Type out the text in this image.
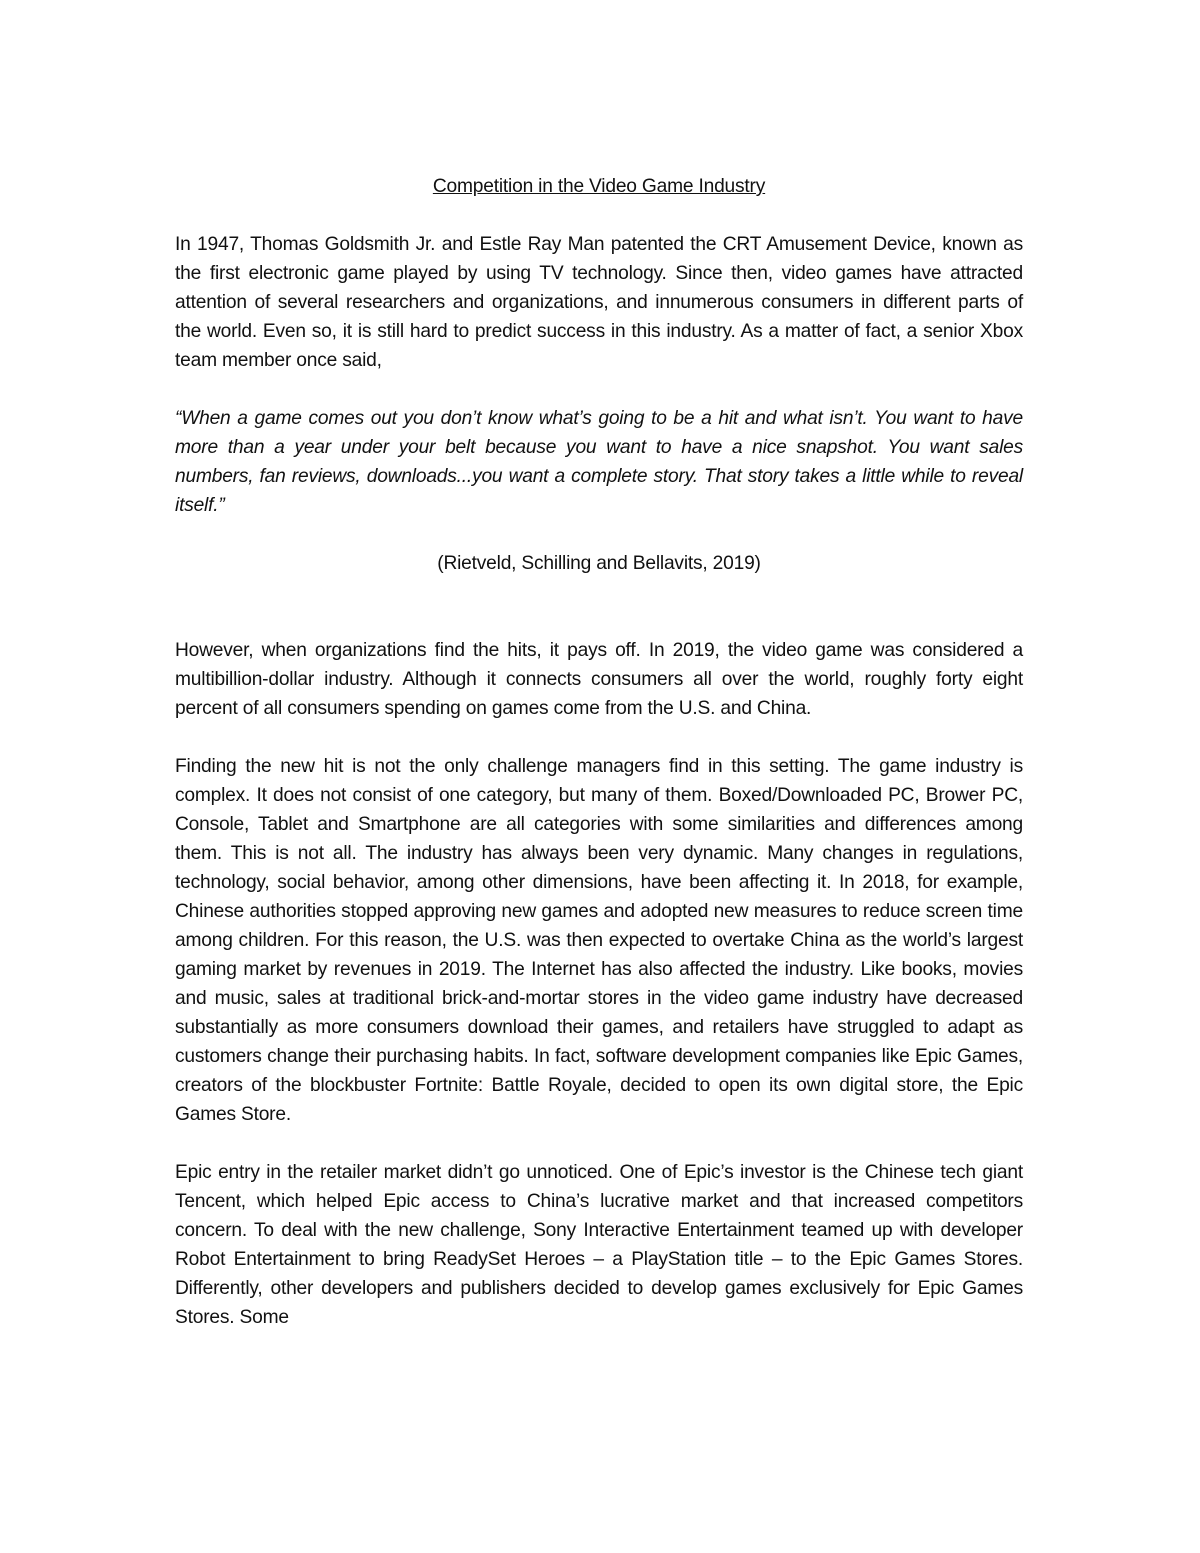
Competition in the Video Game Industry

In 1947, Thomas Goldsmith Jr. and Estle Ray Man patented the CRT Amusement Device, known as the first electronic game played by using TV technology. Since then, video games have attracted attention of several researchers and organizations, and innumerous consumers in different parts of the world. Even so, it is still hard to predict success in this industry. As a matter of fact, a senior Xbox team member once said,

“When a game comes out you don’t know what’s going to be a hit and what isn’t. You want to have more than a year under your belt because you want to have a nice snapshot. You want sales numbers, fan reviews, downloads...you want a complete story. That story takes a little while to reveal itself.”

(Rietveld, Schilling and Bellavits, 2019)

However, when organizations find the hits, it pays off. In 2019, the video game was considered a multibillion-dollar industry. Although it connects consumers all over the world, roughly forty eight percent of all consumers spending on games come from the U.S. and China.

Finding the new hit is not the only challenge managers find in this setting. The game industry is complex. It does not consist of one category, but many of them. Boxed/Downloaded PC, Brower PC, Console, Tablet and Smartphone are all categories with some similarities and differences among them. This is not all. The industry has always been very dynamic. Many changes in regulations, technology, social behavior, among other dimensions, have been affecting it. In 2018, for example, Chinese authorities stopped approving new games and adopted new measures to reduce screen time among children. For this reason, the U.S. was then expected to overtake China as the world’s largest gaming market by revenues in 2019. The Internet has also affected the industry. Like books, movies and music, sales at traditional brick-and-mortar stores in the video game industry have decreased substantially as more consumers download their games, and retailers have struggled to adapt as customers change their purchasing habits. In fact, software development companies like Epic Games, creators of the blockbuster Fortnite: Battle Royale, decided to open its own digital store, the Epic Games Store.

Epic entry in the retailer market didn’t go unnoticed. One of Epic’s investor is the Chinese tech giant Tencent, which helped Epic access to China’s lucrative market and that increased competitors concern. To deal with the new challenge, Sony Interactive Entertainment teamed up with developer Robot Entertainment to bring ReadySet Heroes – a PlayStation title – to the Epic Games Stores. Differently, other developers and publishers decided to develop games exclusively for Epic Games Stores. Some
